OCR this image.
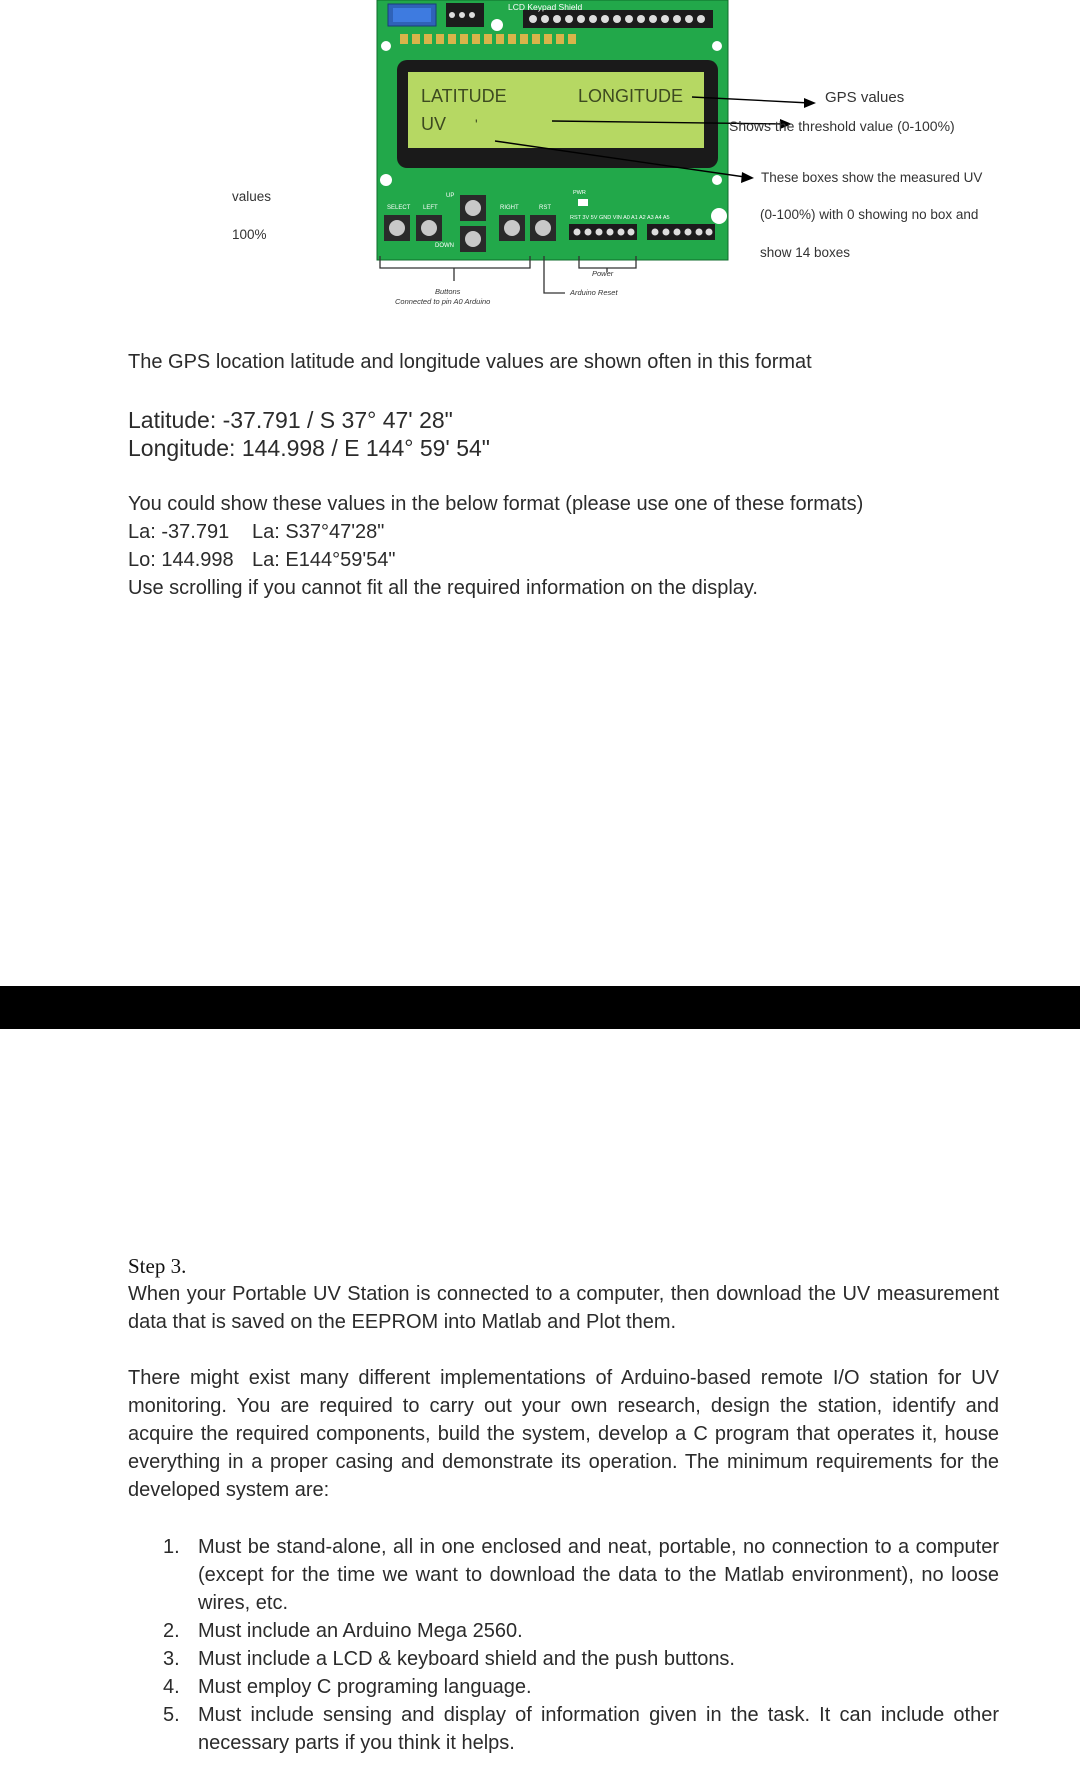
LCD Keypad Shield
SELECT LEFT
UP
DOWN
RIGHT	RST
PWR
RST 3V 5V GND VIN A0 A1 A2 A3 A4 A5
LATITUDE	LONGITUDE
UV '
GPS values
Shows the threshold value (0-100%)
These boxes show the measured UV
(0-100%) with 0 showing no box and
show 14 boxes
values
100%
Buttons
Connected to pin A0 Arduino
Power
Arduino Reset
The GPS location latitude and longitude values are shown often in this format
Latitude: -37.791 / S 37° 47' 28"
Longitude: 144.998 / E 144° 59' 54"
You could show these values in the below format (please use one of these formats)
La: -37.791 La: S37°47'28"
Lo: 144.998 La: E144°59'54"
Use scrolling if you cannot fit all the required information on the display.
Step 3.
When your Portable UV Station is connected to a computer, then download the UV measurement data that is saved on the EEPROM into Matlab and Plot them.
There might exist many different implementations of Arduino-based remote I/O station for UV monitoring. You are required to carry out your own research, design the station, identify and acquire the required components, build the system, develop a C program that operates it, house everything in a proper casing and demonstrate its operation. The minimum requirements for the developed system are:
1. Must be stand-alone, all in one enclosed and neat, portable, no connection to a computer (except for the time we want to download the data to the Matlab environment), no loose wires, etc.
2. Must include an Arduino Mega 2560.
3. Must include a LCD & keyboard shield and the push buttons.
4. Must employ C programing language.
5. Must include sensing and display of information given in the task. It can include other necessary parts if you think it helps.
